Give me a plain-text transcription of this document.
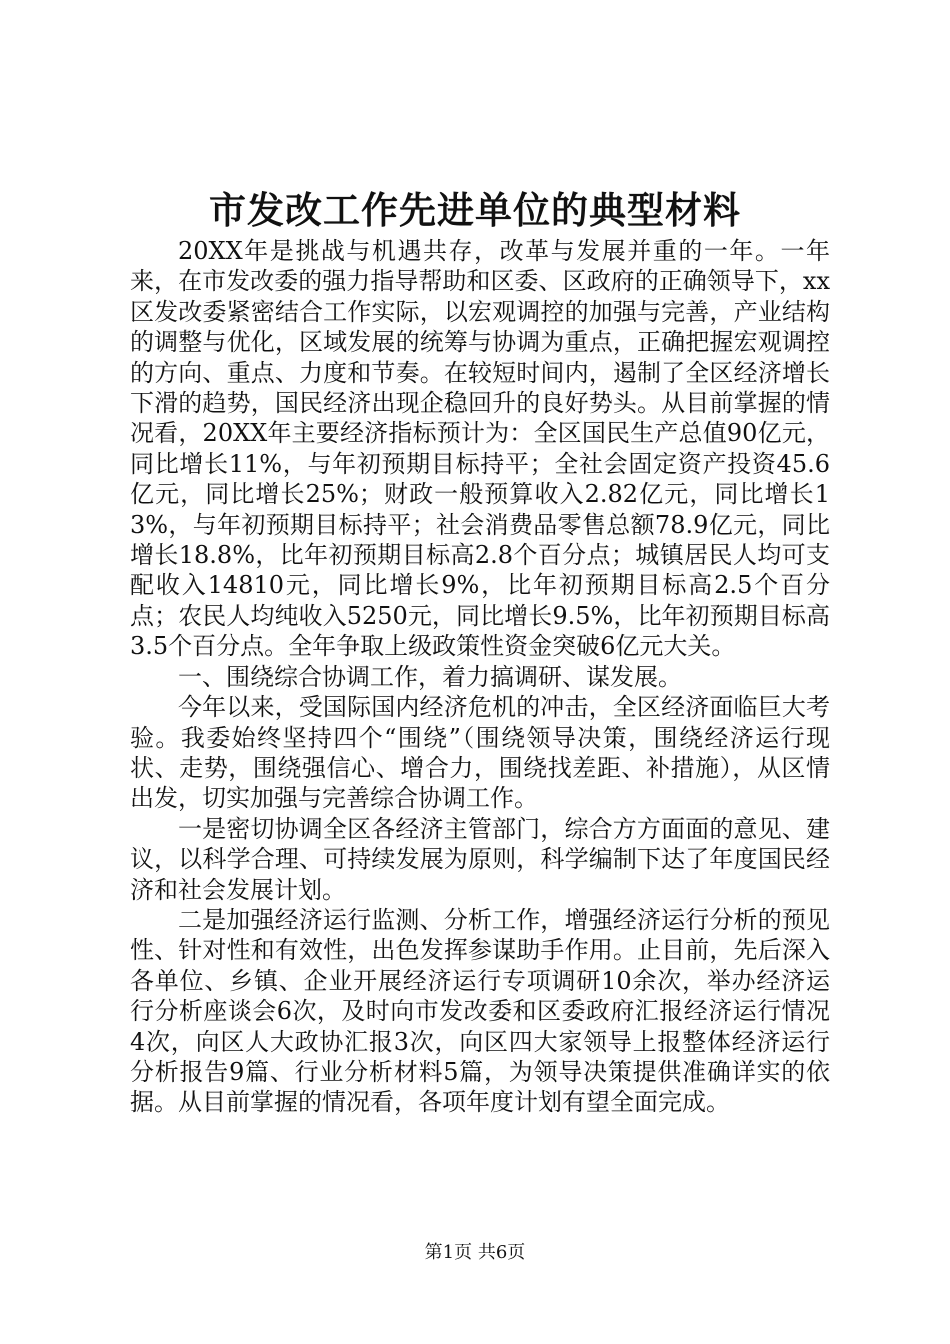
市发改工作先进单位的典型材料

20XX年是挑战与机遇共存，改革与发展并重的一年。一年来，在市发改委的强力指导帮助和区委、区政府的正确领导下，xx区发改委紧密结合工作实际，以宏观调控的加强与完善，产业结构的调整与优化，区域发展的统筹与协调为重点，正确把握宏观调控的方向、重点、力度和节奏。在较短时间内，遏制了全区经济增长下滑的趋势，国民经济出现企稳回升的良好势头。从目前掌握的情况看，20XX年主要经济指标预计为：全区国民生产总值90亿元，同比增长11%，与年初预期目标持平；全社会固定资产投资45.6亿元，同比增长25%；财政一般预算收入2.82亿元，同比增长13%，与年初预期目标持平；社会消费品零售总额78.9亿元，同比增长18.8%，比年初预期目标高2.8个百分点；城镇居民人均可支配收入14810元，同比增长9%，比年初预期目标高2.5个百分点；农民人均纯收入5250元，同比增长9.5%，比年初预期目标高3.5个百分点。全年争取上级政策性资金突破6亿元大关。

一、围绕综合协调工作，着力搞调研、谋发展。

今年以来，受国际国内经济危机的冲击，全区经济面临巨大考验。我委始终坚持四个“围绕”（围绕领导决策，围绕经济运行现状、走势，围绕强信心、增合力，围绕找差距、补措施），从区情出发，切实加强与完善综合协调工作。

一是密切协调全区各经济主管部门，综合方方面面的意见、建议，以科学合理、可持续发展为原则，科学编制下达了年度国民经济和社会发展计划。

二是加强经济运行监测、分析工作，增强经济运行分析的预见性、针对性和有效性，出色发挥参谋助手作用。止目前，先后深入各单位、乡镇、企业开展经济运行专项调研10余次，举办经济运行分析座谈会6次，及时向市发改委和区委政府汇报经济运行情况4次，向区人大政协汇报3次，向区四大家领导上报整体经济运行分析报告9篇、行业分析材料5篇，为领导决策提供准确详实的依据。从目前掌握的情况看，各项年度计划有望全面完成。

第1页 共6页
